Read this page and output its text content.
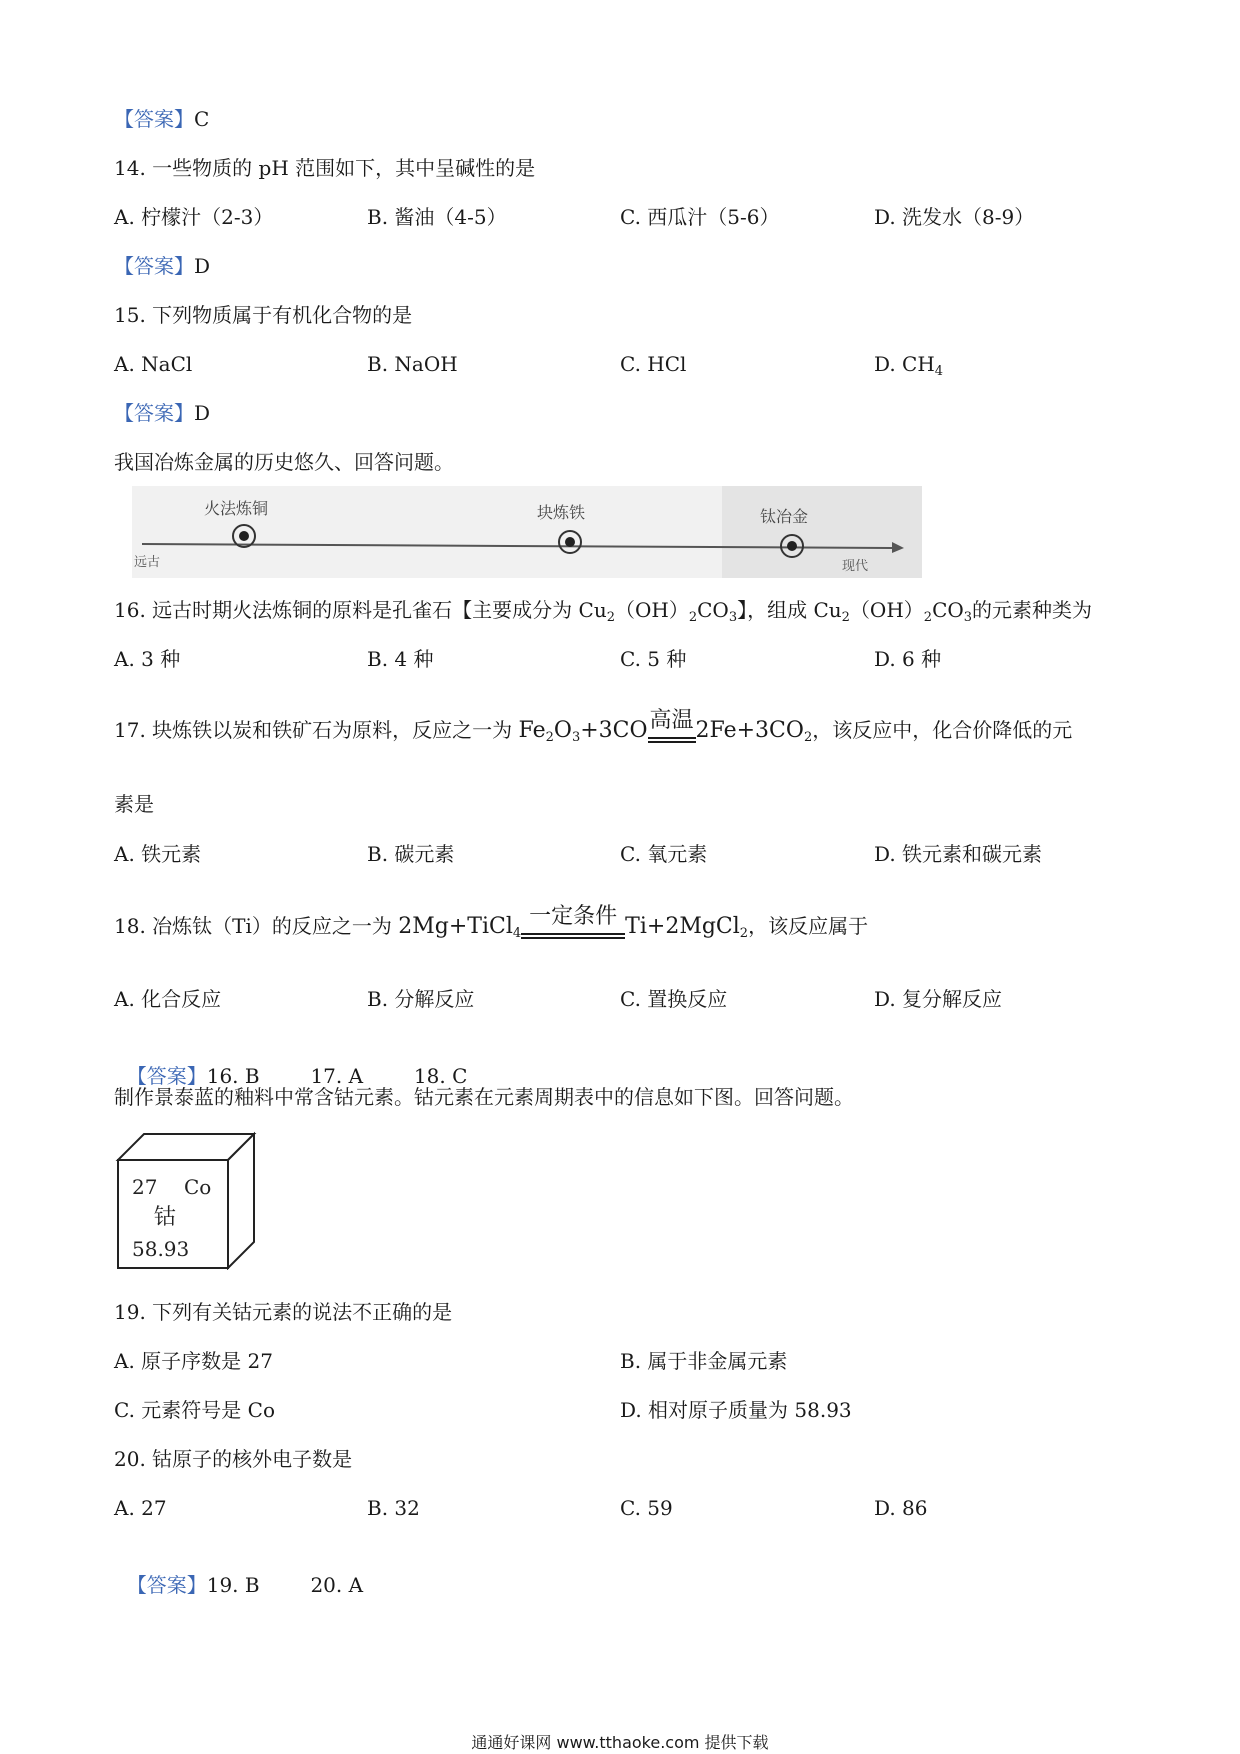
【答案】C
14. 一些物质的 pH 范围如下，其中呈碱性的是
A. 柠檬汁（2-3）	B. 酱油（4-5）	C. 西瓜汁（5-6）	D. 洗发水（8-9）
【答案】D
15. 下列物质属于有机化合物的是
A. NaCl	B. NaOH	C. HCl	D. $CH_4$
【答案】D
我国冶炼金属的历史悠久、回答问题。
火法炼铜	块炼铁	钛冶金
远古	现代
16. 远古时期火法炼铜的原料是孔雀石【主要成分为 $Cu_2(OH)_2CO_3$】，组成 $Cu_2(OH)_2CO_3$的元素种类为
A. 3 种	B. 4 种	C. 5 种	D. 6 种
17. 块炼铁以炭和铁矿石为原料，反应之一为 $Fe_2O_3+3CO$ 高温 $2Fe+3CO_2$，该反应中，化合价降低的元
素是
A. 铁元素	B. 碳元素	C. 氧元素	D. 铁元素和碳元素
18. 冶炼钛（Ti）的反应之一为 2Mg+TiCl$_4$
一定条件 Ti+2MgCl$_2$，该反应属于
A. 化合反应	B. 分解反应	C. 置换反应	D. 复分解反应

【答案】16. B        17. A        18. C

制作景泰蓝的釉料中常含钴元素。钴元素在元素周期表中的信息如下图。回答问题。
27 Co
钴
58.93
19. 下列有关钴元素的说法不正确的是
A. 原子序数是 27	B. 属于非金属元素
C. 元素符号是 Co	D. 相对原子质量为 58.93
20. 钴原子的核外电子数是
A. 27	B. 32	C. 59	D. 86

【答案】19. B        20. A

通通好课网 www.tthaoke.com 提供下载
